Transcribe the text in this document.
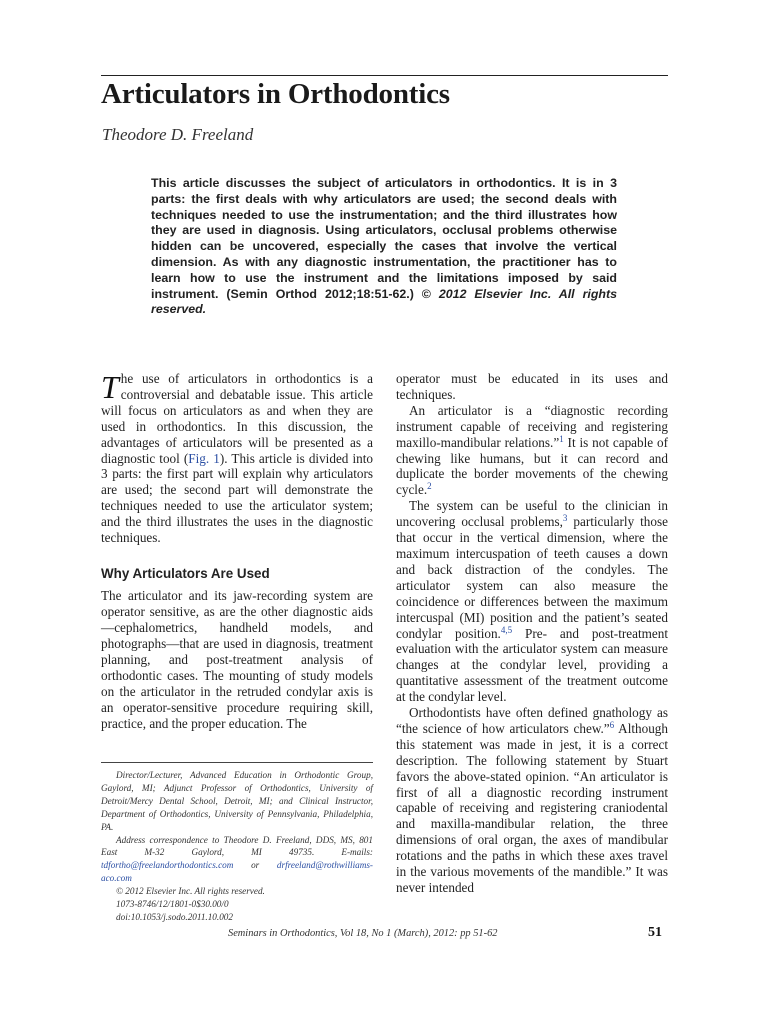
Articulators in Orthodontics
Theodore D. Freeland
This article discusses the subject of articulators in orthodontics. It is in 3 parts: the first deals with why articulators are used; the second deals with techniques needed to use the instrumentation; and the third illustrates how they are used in diagnosis. Using articulators, occlusal problems otherwise hidden can be uncovered, especially the cases that involve the vertical dimension. As with any diagnostic instrumentation, the practitioner has to learn how to use the instrument and the limitations imposed by said instrument. (Semin Orthod 2012;18:51-62.) © 2012 Elsevier Inc. All rights reserved.

The use of articulators in orthodontics is a controversial and debatable issue. This article will focus on articulators as and when they are used in orthodontics. In this discussion, the advantages of articulators will be presented as a diagnostic tool (Fig. 1). This article is divided into 3 parts: the first part will explain why articulators are used; the second part will demonstrate the techniques needed to use the articulator system; and the third illustrates the uses in the diagnostic techniques.

Why Articulators Are Used

The articulator and its jaw-recording system are operator sensitive, as are the other diagnostic aids—cephalometrics, handheld models, and photographs—that are used in diagnosis, treatment planning, and post-treatment analysis of orthodontic cases. The mounting of study models on the articulator in the retruded condylar axis is an operator-sensitive procedure requiring skill, practice, and the proper education. The

Director/Lecturer, Advanced Education in Orthodontic Group, Gaylord, MI; Adjunct Professor of Orthodontics, University of Detroit/Mercy Dental School, Detroit, MI; and Clinical Instructor, Department of Orthodontics, University of Pennsylvania, Philadelphia, PA.

Address correspondence to Theodore D. Freeland, DDS, MS, 801 East M-32 Gaylord, MI 49735. E-mails: tdfortho@freelandorthodontics.com or drfreeland@rothwilliams-aco.com

© 2012 Elsevier Inc. All rights reserved.

1073-8746/12/1801-0$30.00/0

doi:10.1053/j.sodo.2011.10.002

operator must be educated in its uses and techniques.

An articulator is a “diagnostic recording instrument capable of receiving and registering maxillo-mandibular relations.”$^1$ It is not capable of chewing like humans, but it can record and duplicate the border movements of the chewing cycle.$^2$

The system can be useful to the clinician in uncovering occlusal problems,$^3$ particularly those that occur in the vertical dimension, where the maximum intercuspation of teeth causes a down and back distraction of the condyles. The articulator system can also measure the coincidence or differences between the maximum intercuspal (MI) position and the patient’s seated condylar position.$^{4,5}$ Pre- and post-treatment evaluation with the articulator system can measure changes at the condylar level, providing a quantitative assessment of the treatment outcome at the condylar level.

Orthodontists have often defined gnathology as “the science of how articulators chew.”$^6$ Although this statement was made in jest, it is a correct description. The following statement by Stuart favors the above-stated opinion. “An articulator is first of all a diagnostic recording instrument capable of receiving and registering craniodental and maxilla-mandibular relation, the three dimensions of oral organ, the axes of mandibular rotations and the paths in which these axes travel in the various movements of the mandible.” It was never intended

Seminars in Orthodontics, Vol 18, No 1 (March), 2012: pp 51-62	51
